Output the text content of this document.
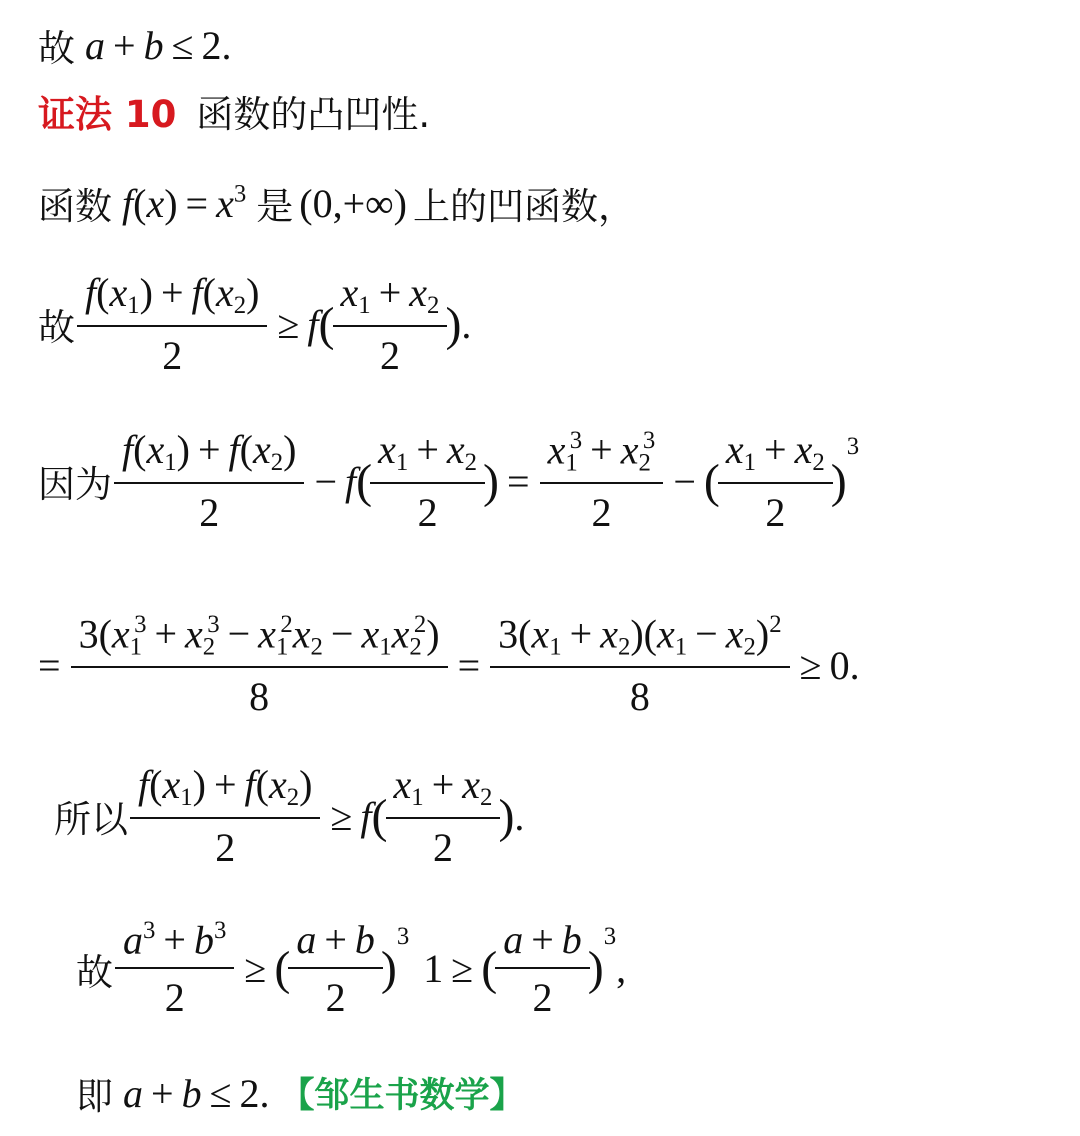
故 a + b ≤ 2.
证法 10 函数的凸凹性.
函数 $f(x) = x^3$ 是 (0,+∞) 上的凹函数，
故 $\frac{f(x_1) + f(x_2)}{2} \ge f$ ( $\frac{x_1 + x_2}{2}$ ) .
因为 $\frac{f(x_1) + f(x_2)}{2} - f$ ( $\frac{x_1 + x_2}{2}$ ) = $\frac{x_1^3 + x_2^3}{2}$ − ( $\frac{x_1 + x_2}{2}$ )
$^3$
= $\frac{3(x_1^3 + x_2^3 - x_1^2x_2 - x_1x_2^2)}{8} = \frac{3(x_1 + x_2)(x_1 - x_2)^2}{8} \ge 0$.
所以 $\frac{f(x_1) + f(x_2)}{2} \ge f$ ( $\frac{x_1 + x_2}{2}$ ) .
故 $\frac{a^3 + b^3}{2}$ ≥ ( $\frac{a + b}{2}$ )
$^3$
1 ≥ ( $\frac{a + b}{2}$ )
$^3$
,
即 a + b ≤ 2. 【邹生书数学】
